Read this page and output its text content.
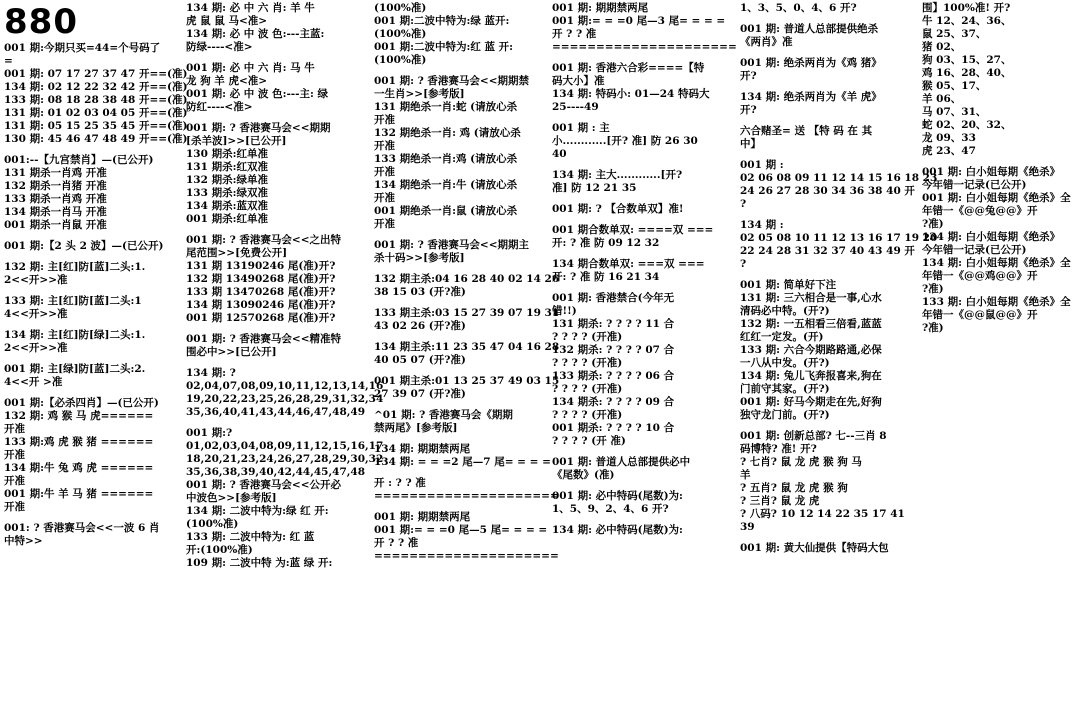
880
001 期:今期只买=44=个号码了
=
001 期: 07 17 27 37 47 开==(准)
134 期: 02 12 22 32 42 开==(准)
133 期: 08 18 28 38 48 开==(准)
131 期: 01 02 03 04 05 开==(准)
131 期: 05 15 25 35 45 开==(准)
130 期: 45 46 47 48 49 开==(准)
001:--【九宫禁肖】—(已公开)
131 期杀一肖鸡 开准
132 期杀一肖猪 开准
133 期杀一肖鸡 开准
134 期杀一肖马 开准
001 期杀一肖鼠 开准
001 期:【2 头 2 波】—(已公开)
132 期: 主[红]防[蓝]二头:1.
2<<开>>准
133 期: 主[红]防[蓝]二头:1
4<<开>>准
134 期: 主[红]防[绿]二头:1.
2<<开>>准
001 期: 主[绿]防[蓝]二头:2.
4<<开 >准
001 期:【必杀四肖】—(已公开)
132 期: 鸡 猴 马 虎======
开准
133 期:鸡 虎 猴 猪 ======
开准
134 期:牛 兔 鸡 虎 ======
开准
001 期:牛 羊 马 猪 ======
开准
001: ? 香港赛马会<<一波 6 肖
中特>>
134 期: 必 中 六 肖: 羊 牛
虎 鼠 鼠 马<准>
134 期: 必 中 波 色:---主蓝:
防绿----<准>
001 期: 必 中 六 肖: 马 牛
龙 狗 羊 虎<准>
001 期: 必 中 波 色:---主: 绿
防红----<准>
001 期: ? 香港赛马会<<期期
[杀羊波]>>[已公开]
130 期杀:红单准
131 期杀:红双准
132 期杀:绿单准
133 期杀:绿双准
134 期杀:蓝双准
001 期杀:红单准
001 期: ? 香港赛马会<<之出特
尾范围>>[免费公开]
131 期 13190246 尾(准)开?
132 期 13490268 尾(准)开?
133 期 13470268 尾(准)开?
134 期 13090246 尾(准)开?
001 期 12570268 尾(准)开?
001 期: ? 香港赛马会<<精准特
围必中>>[已公开]
134 期: ?
02,04,07,08,09,10,11,12,13,14,16
19,20,22,23,25,26,28,29,31,32,34
35,36,40,41,43,44,46,47,48,49
001 期:?
01,02,03,04,08,09,11,12,15,16,17
18,20,21,23,24,26,27,28,29,30,32
35,36,38,39,40,42,44,45,47,48
001 期: ? 香港赛马会<<公开必
中波色>>[参考版]
134 期: 二波中特为:绿 红 开:
(100%准)
133 期: 二波中特为: 红 蓝
开:(100%准)
109 期: 二波中特 为:蓝 绿 开:
(100%准)
001 期:二波中特为:绿 蓝开:
(100%准)
001 期:二波中特为:红 蓝 开:
(100%准)
001 期: ? 香港赛马会<<期期禁
一生肖>>[参考版]
131 期绝杀一肖:蛇 (请放心杀
开准
132 期绝杀一肖: 鸡 (请放心杀
开准
133 期绝杀一肖:鸡 (请放心杀
开准
134 期绝杀一肖:牛 (请放心杀
开准
001 期绝杀一肖:鼠 (请放心杀
开准
001 期: ? 香港赛马会<<期期主
杀十码>>[参考版]
132 期主杀:04 16 28 40 02 14 26
38 15 03 (开?准)
133 期主杀:03 15 27 39 07 19 31
43 02 26 (开?准)
134 期主杀:11 23 35 47 04 16 28
40 05 07 (开?准)
001 期主杀:01 13 25 37 49 03 15
27 39 07 (开?准)
^01 期: ? 香港赛马会《期期
禁两尾》[参考版]
134 期: 期期禁两尾
134 期: = = =2 尾—7 尾= = = =
开 : ? ? 准
=====================
001 期: 期期禁两尾
001 期:= = =0 尾—5 尾= = = =
开 ? ? 准
=====================
001 期: 期期禁两尾
001 期:= = =0 尾—3 尾= = = =
开 ? ? 准
=====================
001 期: 香港六合彩====【特
码大小】准
134 期: 特码小: 01—24 特码大
25----49
001 期 : 主
小............[开? 准] 防 26 30
40
134 期: 主大............[开?
准] 防 12 21 35
001 期: ? 【合数单双】准!
001 期合数单双: ====双 ===
开: ? 准 防 09 12 32
134 期合数单双: ===双 ===
开: ? 准 防 16 21 34
001 期: 香港禁合(今年无
错!!)
131 期杀: ? ? ? ? 11 合
? ? ? ? (开准)
132 期杀: ? ? ? ? 07 合
? ? ? ? (开准)
133 期杀: ? ? ? ? 06 合
? ? ? ? (开准)
134 期杀: ? ? ? ? 09 合
? ? ? ? (开准)
001 期杀: ? ? ? ? 10 合
? ? ? ? (开 准)
001 期: 普道人总部提供必中
《尾数》(准)
001 期: 必中特码(尾数)为:
1、5、9、2、4、6 开?
134 期: 必中特码(尾数)为:
1、3、5、0、4、6 开?
001 期: 普道人总部提供绝杀
《两肖》准
001 期: 绝杀两肖为《鸡 猪》
开?
134 期: 绝杀两肖为《羊 虎》
开?
六合赌圣= 送 【特 码 在 其
中】
001 期 :
02 06 08 09 11 12 14 15 16 18 23
24 26 27 28 30 34 36 38 40 开
?
134 期 :
02 05 08 10 11 12 13 16 17 19 20
22 24 28 31 32 37 40 43 49 开
?
001 期: 简单好下注
131 期: 三六相合是一事,心水
清码必中特。(开?)
132 期: 一五相看三倍看,蓝蓝
红红一定发。(开)
133 期: 六合今期路路通,必保
一八从中发。(开?)
134 期: 兔儿飞奔报喜来,狗在
门前守其家。(开?)
001 期: 好马今期走在先,好狗
独守龙门前。(开?)
001 期: 创新总部? 七--三肖 8
码博特? 准! 开?
? 七肖? 鼠 龙 虎 猴 狗 马
羊
? 五肖? 鼠 龙 虎 猴 狗
? 三肖? 鼠 龙 虎
? 八码? 10 12 14 22 35 17 41
39
001 期: 黄大仙提供【特码大包
围】100%准! 开?
牛 12、24、36、
鼠 25、37、
猪 02、
狗 03、15、27、
鸡 16、28、40、
猴 05、17、
羊 06、
马 07、31、
蛇 02、20、32、
龙 09、33
虎 23、47
001 期: 白小姐每期《绝杀》
今年错一记录(已公开)
001 期: 白小姐每期《绝杀》全
年错一《@@兔@@》开
?准)
134 期: 白小姐每期《绝杀》
今年错一记录(已公开)
134 期: 白小姐每期《绝杀》全
年错一《@@鸡@@》开
?准)
133 期: 白小姐每期《绝杀》全
年错一《@@鼠@@》开
?准)
